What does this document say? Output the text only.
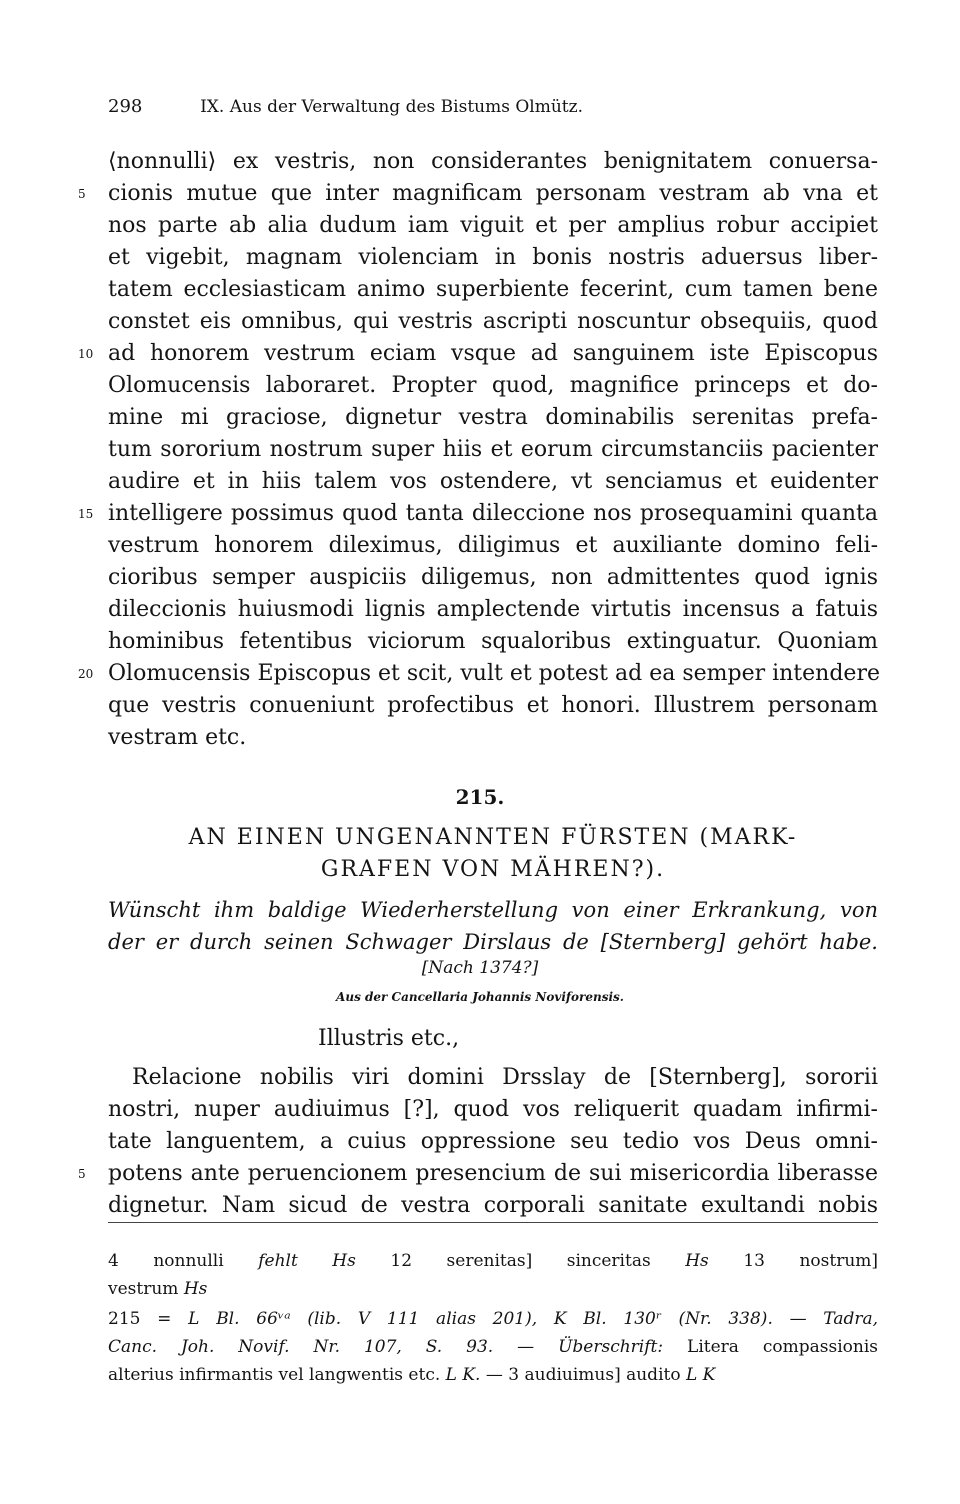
298	IX. Aus der Verwaltung des Bistums Olmütz.
⟨nonnulli⟩ ex vestris, non considerantes benignitatem conuersa-
5	cionis mutue que inter magnificam personam vestram ab vna et
nos parte ab alia dudum iam viguit et per amplius robur accipiet
et vigebit, magnam violenciam in bonis nostris aduersus liber-
tatem ecclesiasticam animo superbiente fecerint, cum tamen bene
constet eis omnibus, qui vestris ascripti noscuntur obsequiis, quod
10 ad honorem vestrum eciam vsque ad sanguinem iste Episcopus
Olomucensis laboraret. Propter quod, magnifice princeps et do-
mine mi graciose, dignetur vestra dominabilis serenitas prefa-
tum sororium nostrum super hiis et eorum circumstanciis pacienter
audire et in hiis talem vos ostendere, vt senciamus et euidenter
15 intelligere possimus quod tanta dileccione nos prosequamini quanta
vestrum honorem dileximus, diligimus et auxiliante domino feli-
cioribus semper auspiciis diligemus, non admittentes quod ignis
dileccionis huiusmodi lignis amplectende virtutis incensus a fatuis
hominibus fetentibus viciorum squaloribus extinguatur. Quoniam
20 Olomucensis Episcopus et scit, vult et potest ad ea semper intendere
que vestris conueniunt profectibus et honori. Illustrem personam
vestram etc.
215.
AN EINEN UNGENANNTEN FÜRSTEN (MARK-
GRAFEN VON MÄHREN?).
Wünscht ihm baldige Wiederherstellung von einer Erkrankung, von
der er durch seinen Schwager Dirslaus de [Sternberg] gehört habe.
[Nach 1374?]
Aus der Cancellaria Johannis Noviforensis.
Illustris etc.,
Relacione nobilis viri domini Drsslay de [Sternberg], sororii
nostri, nuper audiuimus [?], quod vos reliquerit quadam infirmi-
tate languentem, a cuius oppressione seu tedio vos Deus omni-
5	potens ante peruencionem presencium de sui misericordia liberasse
dignetur. Nam sicud de vestra corporali sanitate exultandi nobis
4 nonnulli fehlt Hs 12 serenitas] sinceritas Hs 13 nostrum]
vestrum Hs
215 = L Bl. 66ᵛᵃ (lib. V 111 alias 201), K Bl. 130ʳ (Nr. 338). — Tadra,
Canc. Joh. Novif. Nr. 107, S. 93. — Überschrift: Litera compassionis
alterius infirmantis vel langwentis etc. L K. — 3 audiuimus] audito L K
